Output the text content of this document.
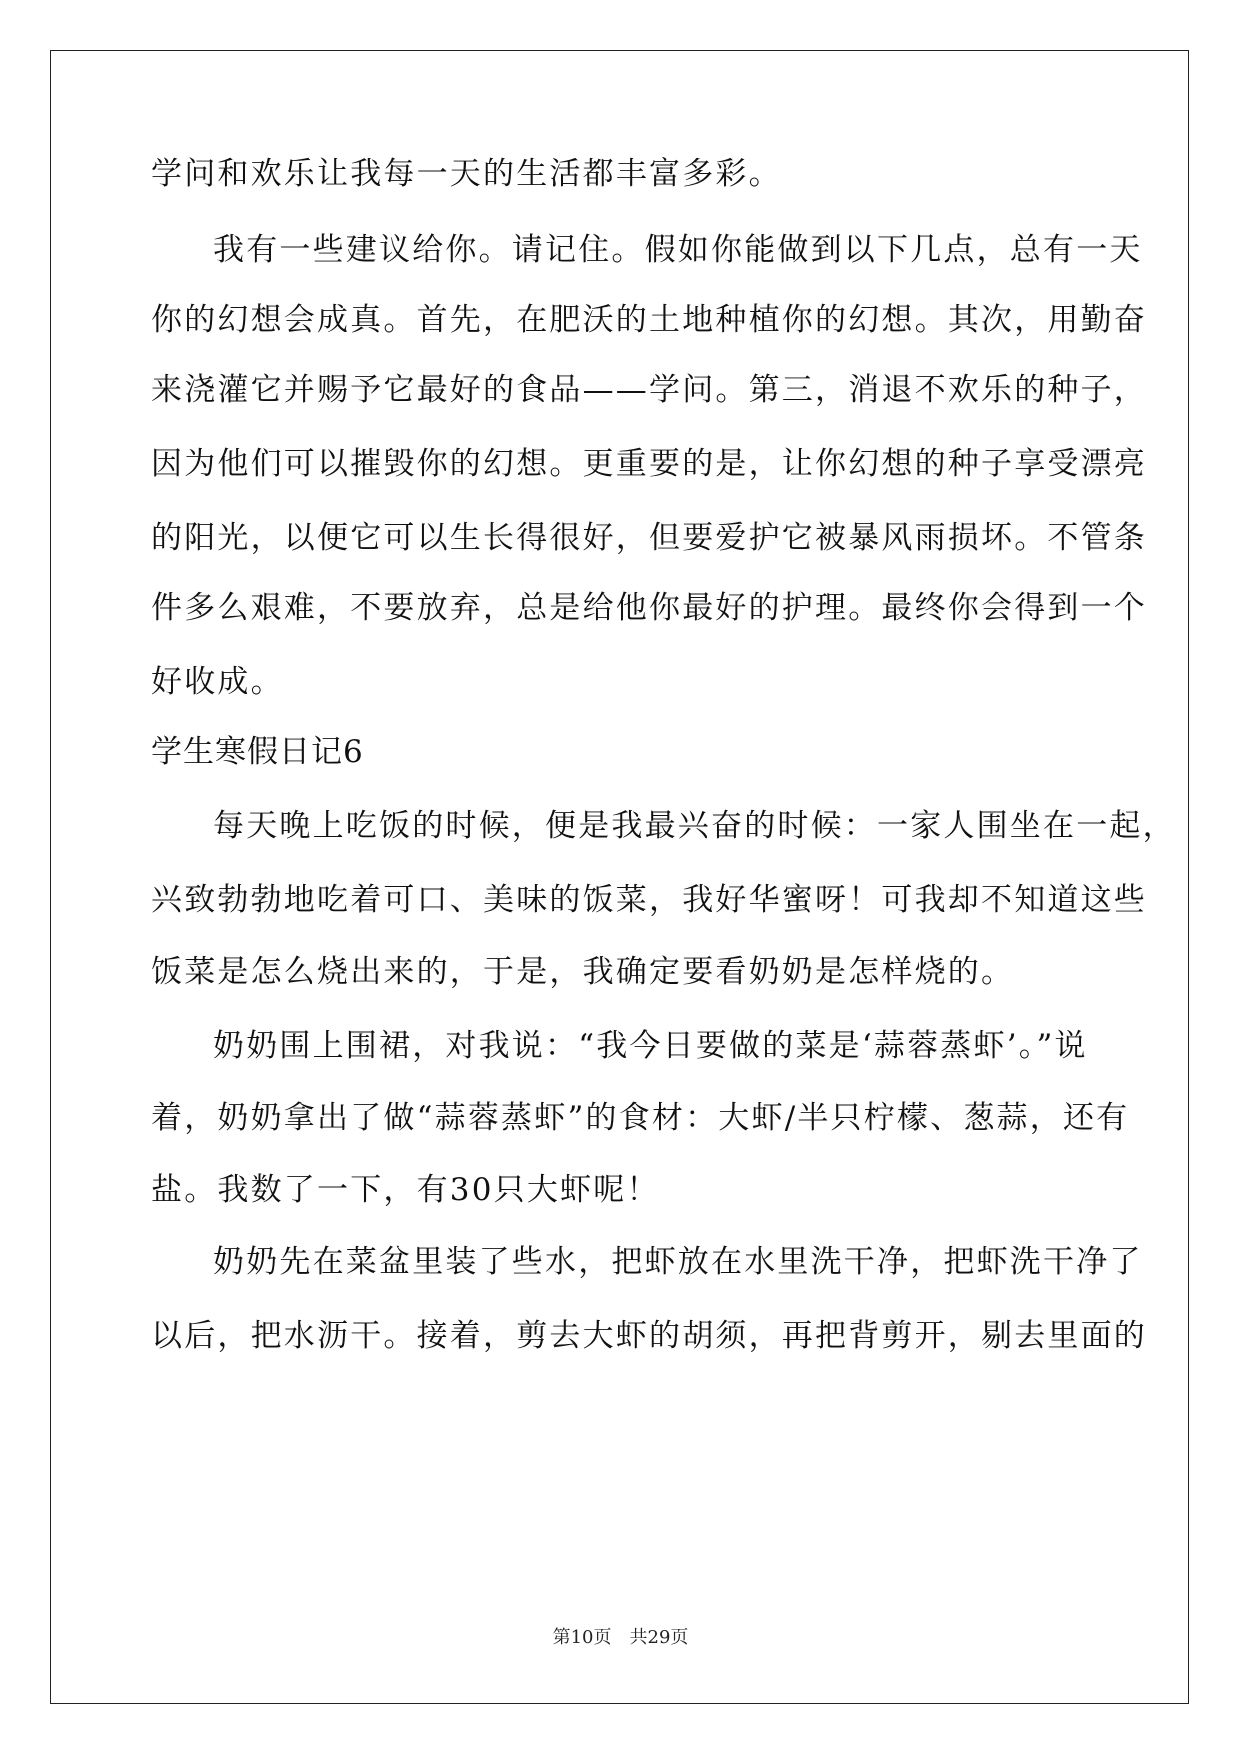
学问和欢乐让我每一天的生活都丰富多彩。
我有一些建议给你。请记住。假如你能做到以下几点，总有一天
你的幻想会成真。首先，在肥沃的土地种植你的幻想。其次，用勤奋
来浇灌它并赐予它最好的食品——学问。第三，消退不欢乐的种子，
因为他们可以摧毁你的幻想。更重要的是，让你幻想的种子享受漂亮
的阳光，以便它可以生长得很好，但要爱护它被暴风雨损坏。不管条
件多么艰难，不要放弃，总是给他你最好的护理。最终你会得到一个
好收成。
学生寒假日记6
每天晚上吃饭的时候，便是我最兴奋的时候：一家人围坐在一起，
兴致勃勃地吃着可口、美味的饭菜，我好华蜜呀！可我却不知道这些
饭菜是怎么烧出来的，于是，我确定要看奶奶是怎样烧的。
奶奶围上围裙，对我说：“我今日要做的菜是‘蒜蓉蒸虾’。”说
着，奶奶拿出了做“蒜蓉蒸虾”的食材：大虾/半只柠檬、葱蒜，还有
盐。我数了一下，有30只大虾呢！
奶奶先在菜盆里装了些水，把虾放在水里洗干净，把虾洗干净了
以后，把水沥干。接着，剪去大虾的胡须，再把背剪开，剔去里面的
第10页 共29页
